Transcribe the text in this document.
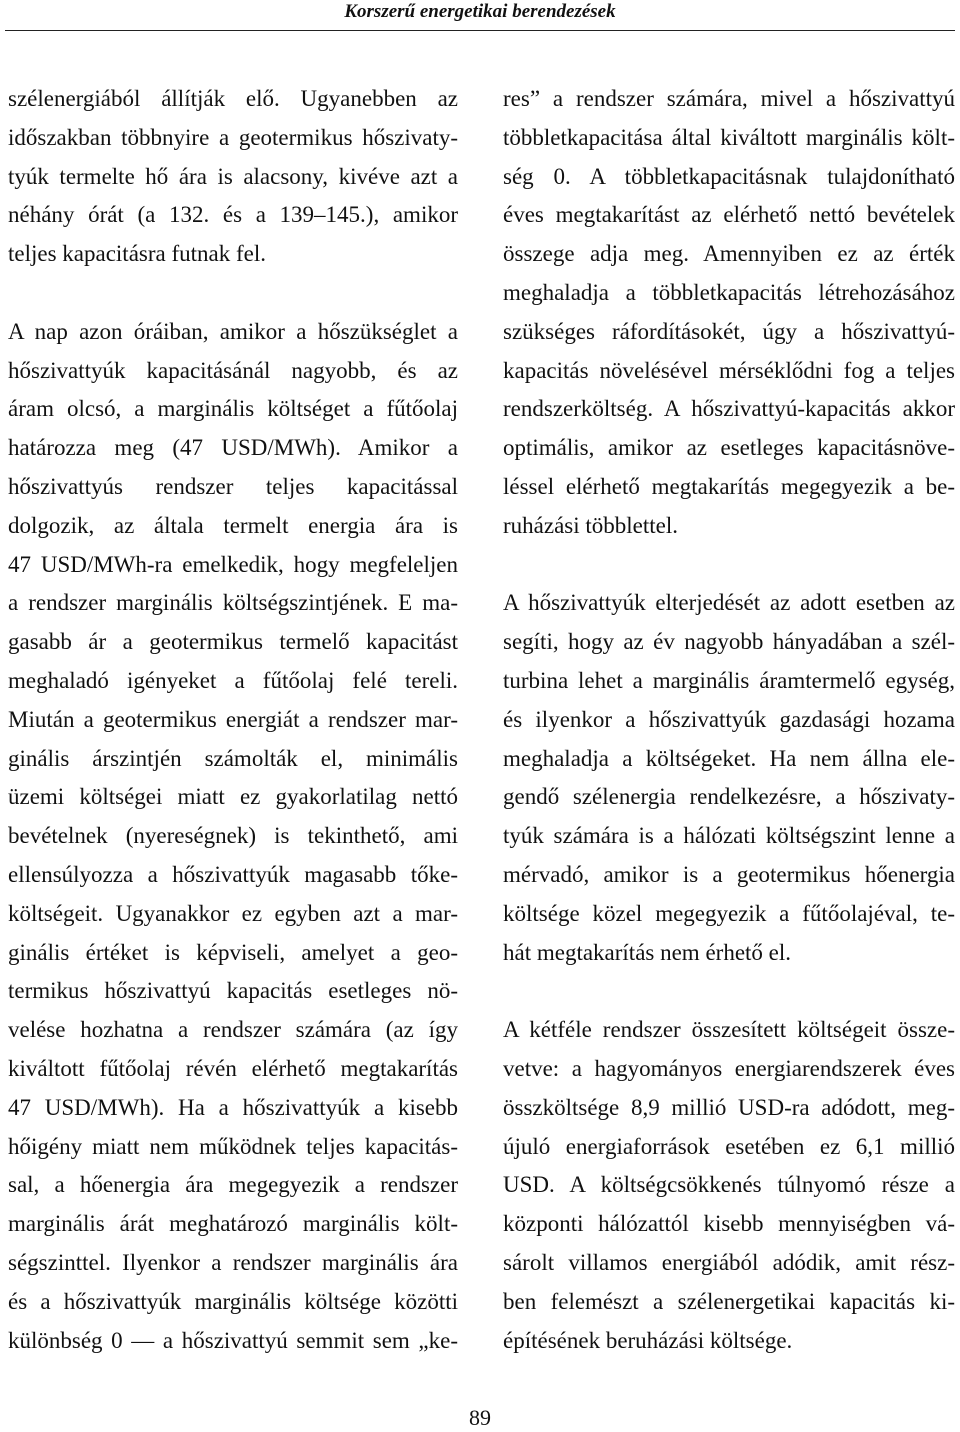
Korszerű energetikai berendezések
szélenergiából állítják elő. Ugyanebben az
időszakban többnyire a geotermikus hőszivaty-
tyúk termelte hő ára is alacsony, kivéve azt a
néhány órát (a 132. és a 139–145.), amikor
teljes kapacitásra futnak fel.
A nap azon óráiban, amikor a hőszükséglet a
hőszivattyúk kapacitásánál nagyobb, és az
áram olcsó, a marginális költséget a fűtőolaj
határozza meg (47 USD/MWh). Amikor a
hőszivattyús rendszer teljes kapacitással
dolgozik, az általa termelt energia ára is
47 USD/MWh-ra emelkedik, hogy megfeleljen
a rendszer marginális költségszintjének. E ma-
gasabb ár a geotermikus termelő kapacitást
meghaladó igényeket a fűtőolaj felé tereli.
Miután a geotermikus energiát a rendszer mar-
ginális árszintjén számolták el, minimális
üzemi költségei miatt ez gyakorlatilag nettó
bevételnek (nyereségnek) is tekinthető, ami
ellensúlyozza a hőszivattyúk magasabb tőke-
költségeit. Ugyanakkor ez egyben azt a mar-
ginális értéket is képviseli, amelyet a geo-
termikus hőszivattyú kapacitás esetleges nö-
velése hozhatna a rendszer számára (az így
kiváltott fűtőolaj révén elérhető megtakarítás
47 USD/MWh). Ha a hőszivattyúk a kisebb
hőigény miatt nem működnek teljes kapacitás-
sal, a hőenergia ára megegyezik a rendszer
marginális árát meghatározó marginális költ-
ségszinttel. Ilyenkor a rendszer marginális ára
és a hőszivattyúk marginális költsége közötti
különbség 0 — a hőszivattyú semmit sem „ke-
res” a rendszer számára, mivel a hőszivattyú
többletkapacitása által kiváltott marginális költ-
ség 0. A többletkapacitásnak tulajdonítható
éves megtakarítást az elérhető nettó bevételek
összege adja meg. Amennyiben ez az érték
meghaladja a többletkapacitás létrehozásához
szükséges ráfordításokét, úgy a hőszivattyú-
kapacitás növelésével mérséklődni fog a teljes
rendszerköltség. A hőszivattyú-kapacitás akkor
optimális, amikor az esetleges kapacitásnöve-
léssel elérhető megtakarítás megegyezik a be-
ruházási többlettel.
A hőszivattyúk elterjedését az adott esetben az
segíti, hogy az év nagyobb hányadában a szél-
turbina lehet a marginális áramtermelő egység,
és ilyenkor a hőszivattyúk gazdasági hozama
meghaladja a költségeket. Ha nem állna ele-
gendő szélenergia rendelkezésre, a hőszivaty-
tyúk számára is a hálózati költségszint lenne a
mérvadó, amikor is a geotermikus hőenergia
költsége közel megegyezik a fűtőolajéval, te-
hát megtakarítás nem érhető el.
A kétféle rendszer összesített költségeit össze-
vetve: a hagyományos energiarendszerek éves
összköltsége 8,9 millió USD-ra adódott, meg-
újuló energiaforrások esetében ez 6,1 millió
USD. A költségcsökkenés túlnyomó része a
központi hálózattól kisebb mennyiségben vá-
sárolt villamos energiából adódik, amit rész-
ben felemészt a szélenergetikai kapacitás ki-
építésének beruházási költsége.
89
